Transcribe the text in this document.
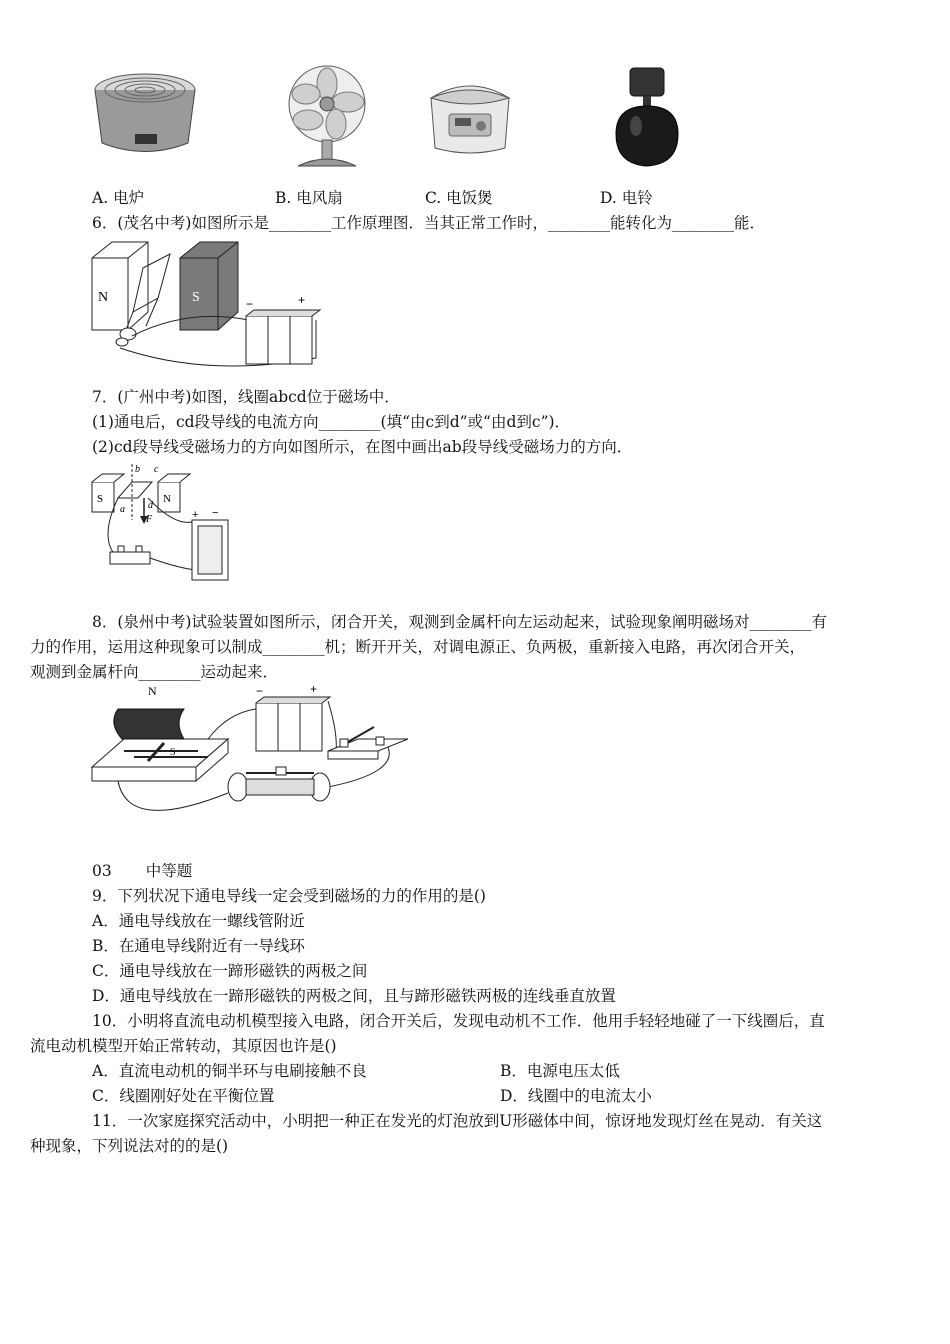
A. 电炉	B. 电风扇	C. 电饭煲	D. 电铃
6．(茂名中考)如图所示是________工作原理图．当其正常工作时，________能转化为________能．
N	S	−	+
7．(广州中考)如图，线圈abcd位于磁场中．
(1)通电后，cd段导线的电流方向________(填“由c到d”或“由d到c”)．
(2)cd段导线受磁场力的方向如图所示，在图中画出ab段导线受磁场力的方向．
S	N
b c
a d
F	+ −
8．(泉州中考)试验装置如图所示，闭合开关，观测到金属杆向左运动起来，试验现象阐明磁场对________有
力的作用，运用这种现象可以制成________机；断开开关，对调电源正、负两极，重新接入电路，再次闭合开关，
观测到金属杆向________运动起来．
N
S
−	+
03 中等题
9．下列状况下通电导线一定会受到磁场的力的作用的是()
A．通电导线放在一螺线管附近
B．在通电导线附近有一导线环
C．通电导线放在一蹄形磁铁的两极之间
D．通电导线放在一蹄形磁铁的两极之间，且与蹄形磁铁两极的连线垂直放置
10．小明将直流电动机模型接入电路，闭合开关后，发现电动机不工作．他用手轻轻地碰了一下线圈后，直
流电动机模型开始正常转动，其原因也许是()
A．直流电动机的铜半环与电刷接触不良	B．电源电压太低
C．线圈刚好处在平衡位置	D．线圈中的电流太小
11．一次家庭探究活动中，小明把一种正在发光的灯泡放到U形磁体中间，惊讶地发现灯丝在晃动．有关这
种现象，下列说法对的的是()
